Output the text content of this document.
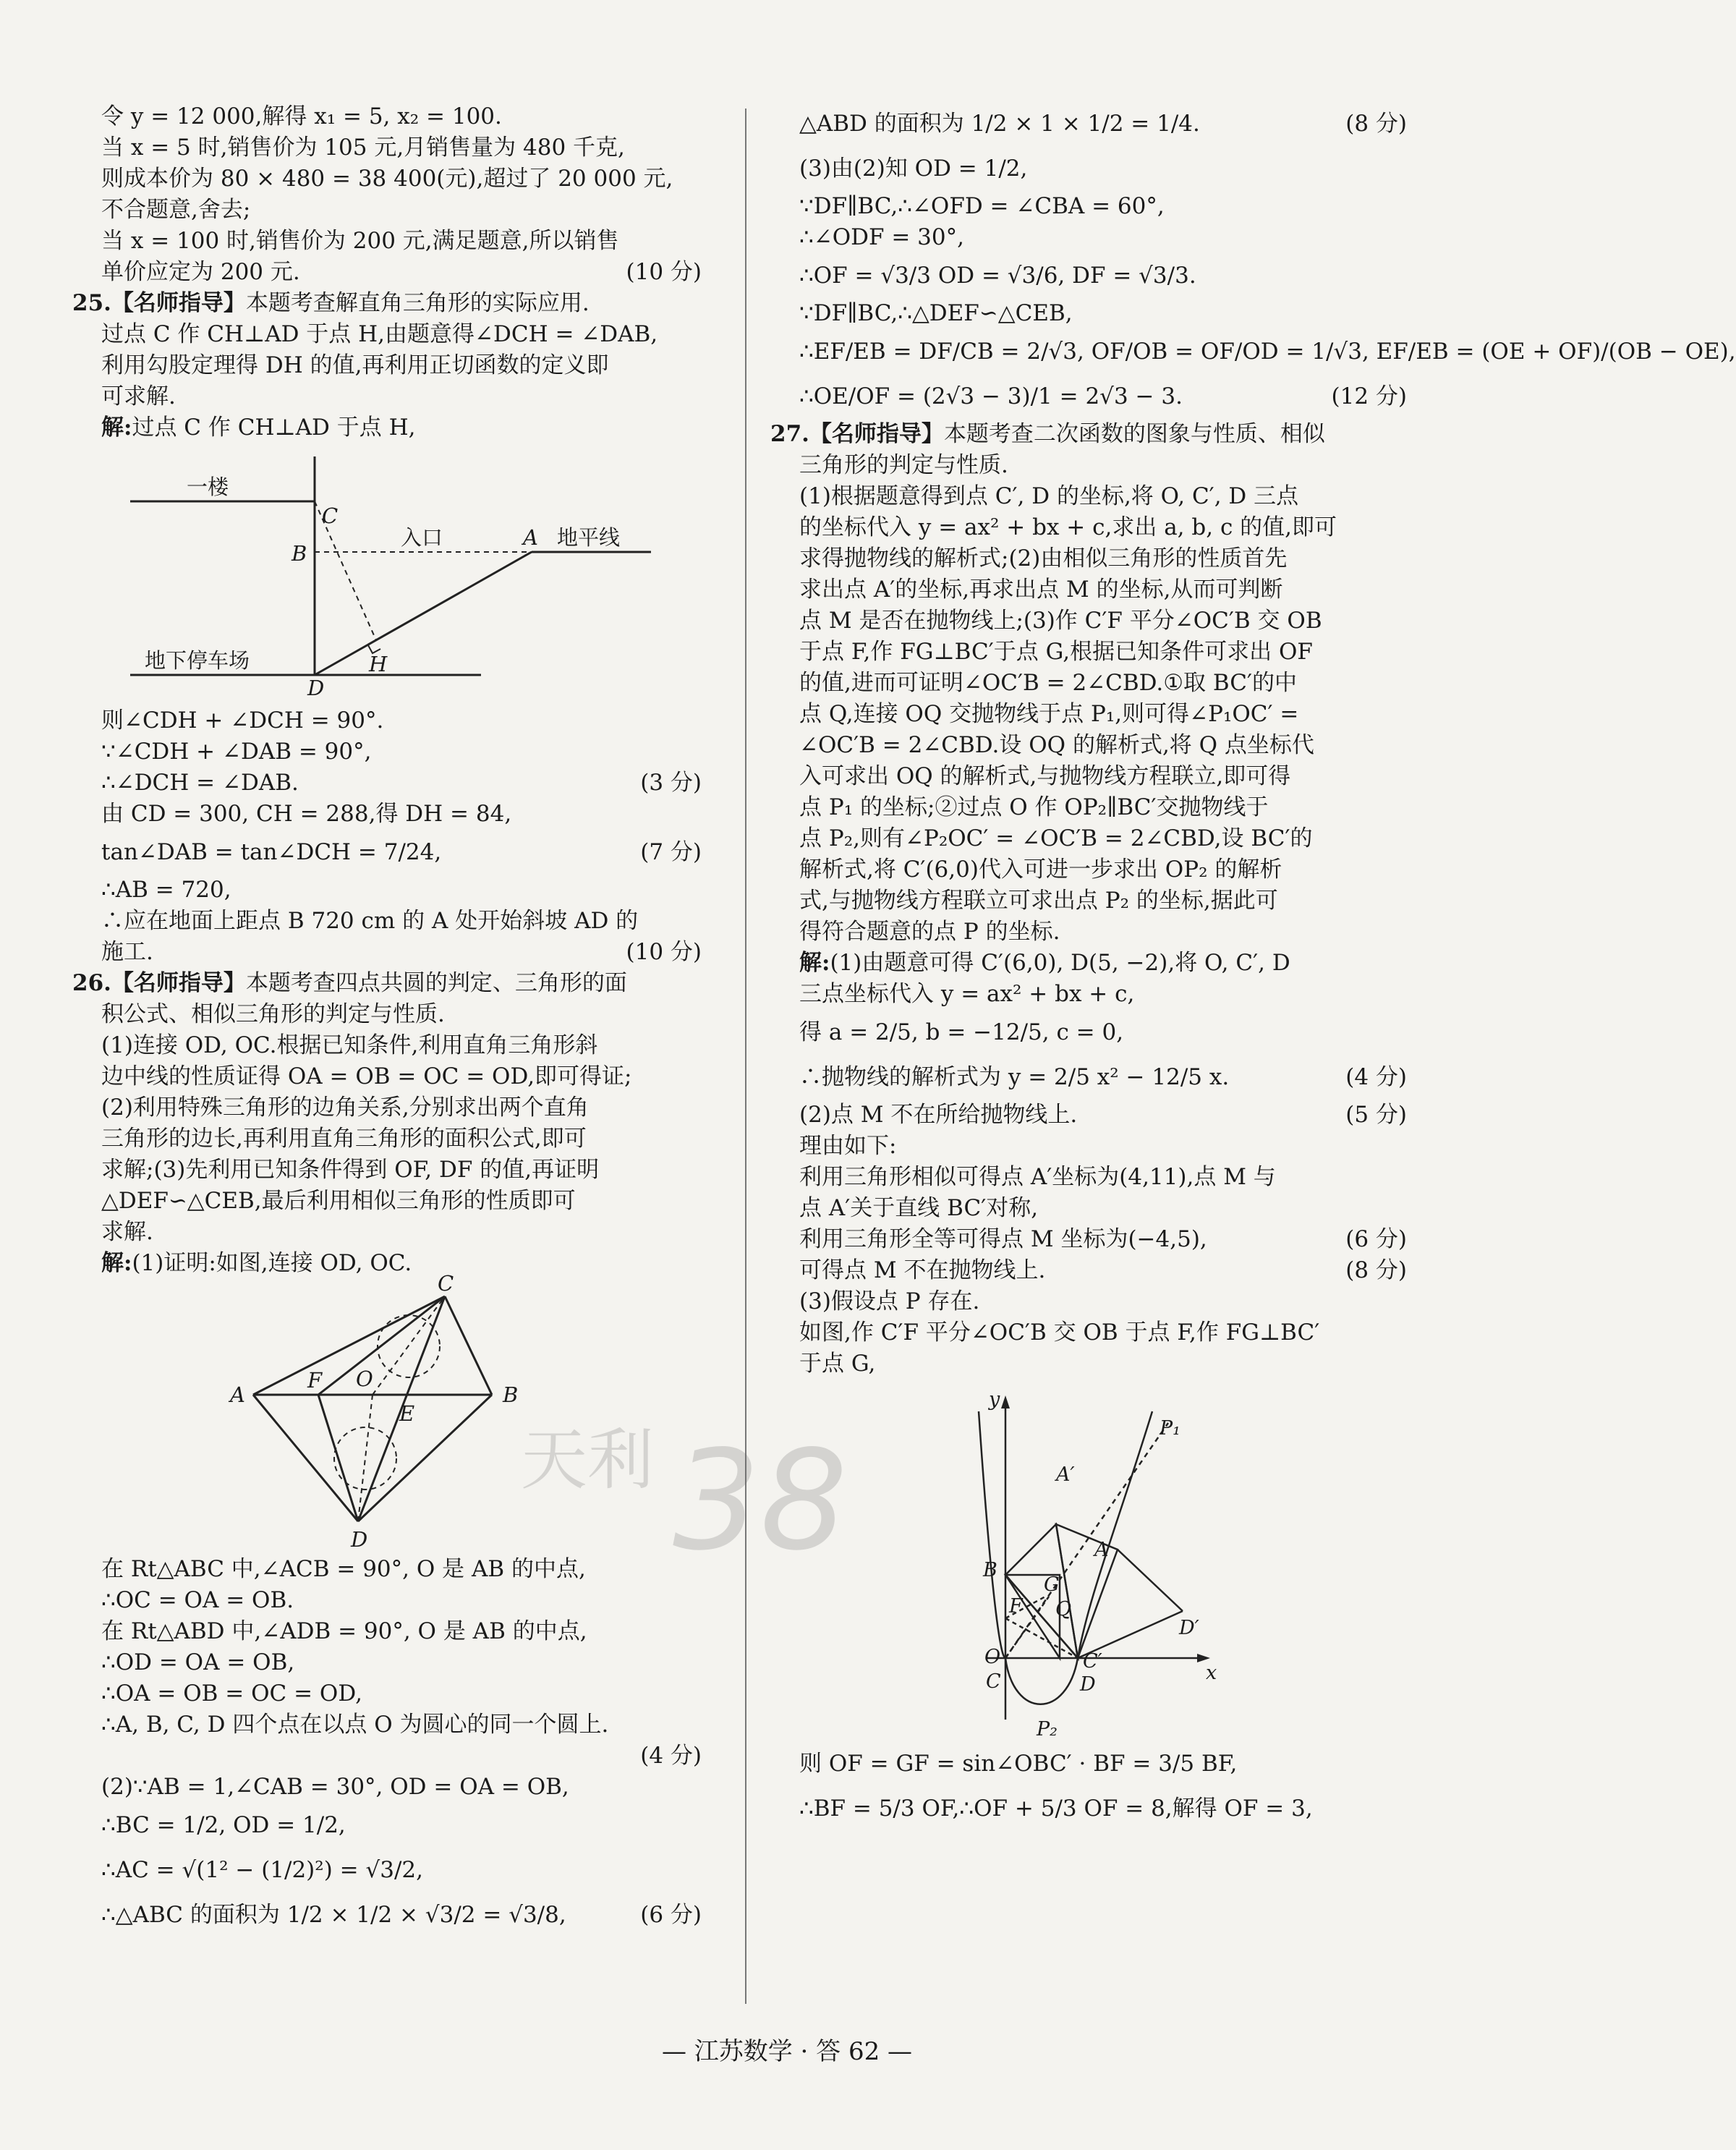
令 y = 12 000,解得 x₁ = 5, x₂ = 100.
当 x = 5 时,销售价为 105 元,月销售量为 480 千克,
则成本价为 80 × 480 = 38 400(元),超过了 20 000 元,
不合题意,舍去;
当 x = 100 时,销售价为 200 元,满足题意,所以销售
单价应定为 200 元.	(10 分)
25.【名师指导】本题考查解直角三角形的实际应用.
过点 C 作 CH⊥AD 于点 H,由题意得∠DCH = ∠DAB,
利用勾股定理得 DH 的值,再利用正切函数的定义即
可求解.
解:过点 C 作 CH⊥AD 于点 H,
一楼
C
入口	A 地平线
B
地下停车场	H
D
则∠CDH + ∠DCH = 90°.
∵∠CDH + ∠DAB = 90°,
∴∠DCH = ∠DAB.	(3 分)
由 CD = 300, CH = 288,得 DH = 84,
tan∠DAB = tan∠DCH = 7/24,	(7 分)
∴AB = 720,
∴应在地面上距点 B 720 cm 的 A 处开始斜坡 AD 的
施工.	(10 分)
26.【名师指导】本题考查四点共圆的判定、三角形的面
积公式、相似三角形的判定与性质.
(1)连接 OD, OC.根据已知条件,利用直角三角形斜
边中线的性质证得 OA = OB = OC = OD,即可得证;
(2)利用特殊三角形的边角关系,分别求出两个直角
三角形的边长,再利用直角三角形的面积公式,即可
求解;(3)先利用已知条件得到 OF, DF 的值,再证明
△DEF∽△CEB,最后利用相似三角形的性质即可
求解.
解:(1)证明:如图,连接 OD, OC.
C
A
F O
E
B
D
在 Rt△ABC 中,∠ACB = 90°, O 是 AB 的中点,
∴OC = OA = OB.
在 Rt△ABD 中,∠ADB = 90°, O 是 AB 的中点,
∴OD = OA = OB,
∴OA = OB = OC = OD,
∴A, B, C, D 四个点在以点 O 为圆心的同一个圆上.
(4 分)
(2)∵AB = 1,∠CAB = 30°, OD = OA = OB,
∴BC = 1/2, OD = 1/2,
∴AC = √(1² − (1/2)²) = √3/2,
∴△ABC 的面积为 1/2 × 1/2 × √3/2 = √3/8,	(6 分)
△ABD 的面积为 1/2 × 1 × 1/2 = 1/4.	(8 分)
(3)由(2)知 OD = 1/2,
∵DF∥BC,∴∠OFD = ∠CBA = 60°,
∴∠ODF = 30°,
∴OF = √3/3 OD = √3/6, DF = √3/3.
∵DF∥BC,∴△DEF∽△CEB,
∴EF/EB = DF/CB = 2/√3, OF/OB = OF/OD = 1/√3, EF/EB = (OE + OF)/(OB − OE),
∴OE/OF = (2√3 − 3)/1 = 2√3 − 3.	(12 分)
27.【名师指导】本题考查二次函数的图象与性质、相似
三角形的判定与性质.
(1)根据题意得到点 C′, D 的坐标,将 O, C′, D 三点
的坐标代入 y = ax² + bx + c,求出 a, b, c 的值,即可
求得抛物线的解析式;(2)由相似三角形的性质首先
求出点 A′的坐标,再求出点 M 的坐标,从而可判断
点 M 是否在抛物线上;(3)作 C′F 平分∠OC′B 交 OB
于点 F,作 FG⊥BC′于点 G,根据已知条件可求出 OF
的值,进而可证明∠OC′B = 2∠CBD.①取 BC′的中
点 Q,连接 OQ 交抛物线于点 P₁,则可得∠P₁OC′ =
∠OC′B = 2∠CBD.设 OQ 的解析式,将 Q 点坐标代
入可求出 OQ 的解析式,与抛物线方程联立,即可得
点 P₁ 的坐标;②过点 O 作 OP₂∥BC′交抛物线于
点 P₂,则有∠P₂OC′ = ∠OC′B = 2∠CBD,设 BC′的
解析式,将 C′(6,0)代入可进一步求出 OP₂ 的解析
式,与抛物线方程联立可求出点 P₂ 的坐标,据此可
得符合题意的点 P 的坐标.
解:(1)由题意可得 C′(6,0), D(5, −2),将 O, C′, D
三点坐标代入 y = ax² + bx + c,
得 a = 2/5, b = −12/5, c = 0,
∴抛物线的解析式为 y = 2/5 x² − 12/5 x.	(4 分)
(2)点 M 不在所给抛物线上.	(5 分)
理由如下:
利用三角形相似可得点 A′坐标为(4,11),点 M 与
点 A′关于直线 BC′对称,
利用三角形全等可得点 M 坐标为(−4,5),	(6 分)
可得点 M 不在抛物线上.	(8 分)
(3)假设点 P 存在.
如图,作 C′F 平分∠OC′B 交 OB 于点 F,作 FG⊥BC′
于点 G,
y
x
A′
P₁
B
A
G
F Q
D′
O
C
C′
D
P₂
则 OF = GF = sin∠OBC′ · BF = 3/5 BF,
∴BF = 5/3 OF,∴OF + 5/3 OF = 8,解得 OF = 3,
— 江苏数学 · 答 62 —
天利 38
